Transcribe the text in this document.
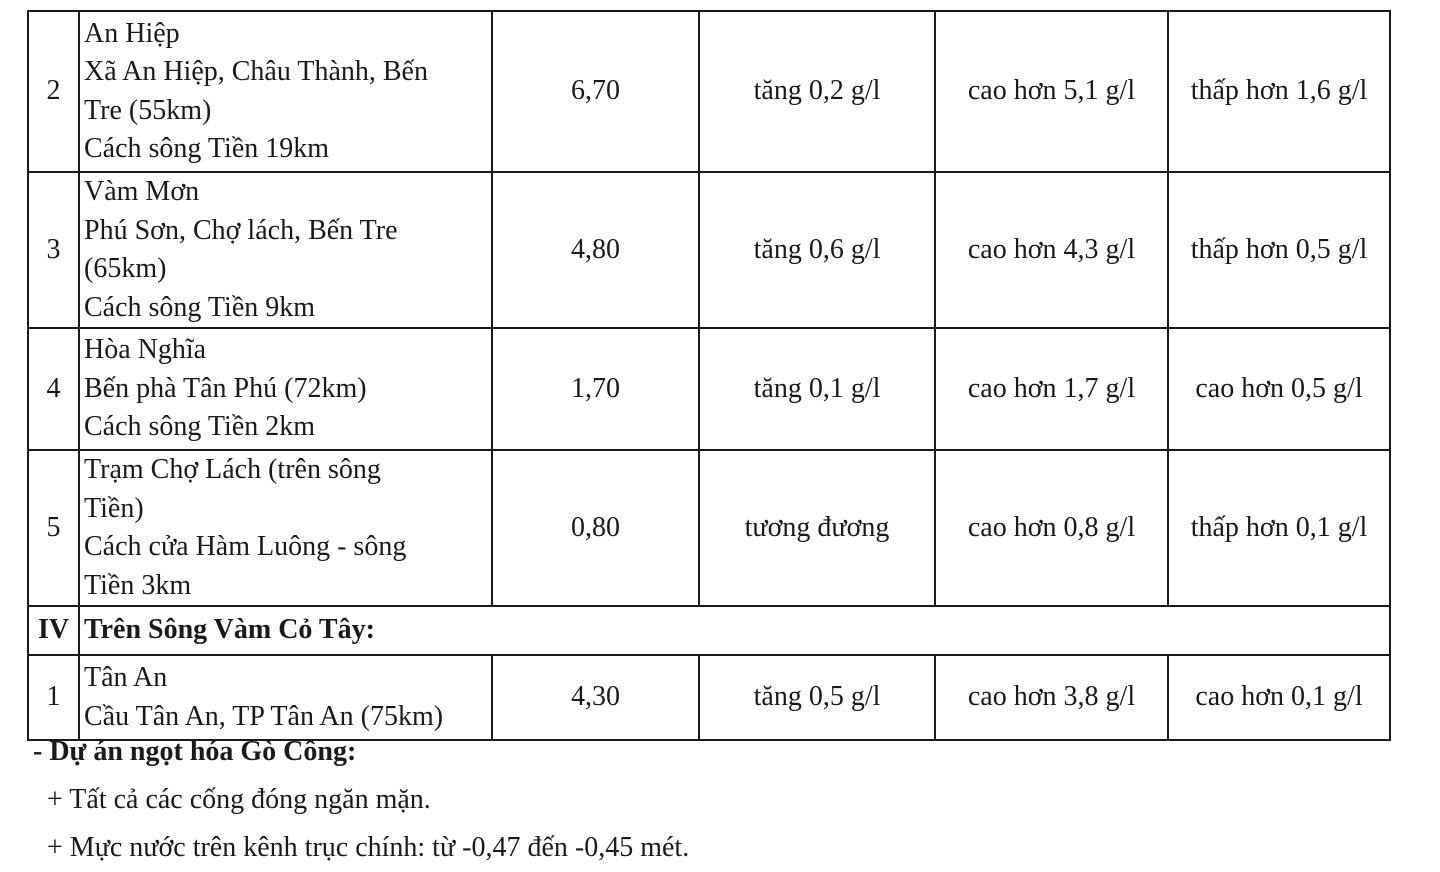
2	An Hiệp
Xã An Hiệp, Châu Thành, Bến
Tre (55km)
Cách sông Tiền 19km	6,70	tăng 0,2 g/l	cao hơn 5,1 g/l	thấp hơn 1,6 g/l
3	Vàm Mơn
Phú Sơn, Chợ lách, Bến Tre
(65km)
Cách sông Tiền 9km	4,80	tăng 0,6 g/l	cao hơn 4,3 g/l	thấp hơn 0,5 g/l
4	Hòa Nghĩa
Bến phà Tân Phú (72km)
Cách sông Tiền 2km	1,70	tăng 0,1 g/l	cao hơn 1,7 g/l	cao hơn 0,5 g/l
5	Trạm Chợ Lách (trên sông
Tiền)
Cách cửa Hàm Luông - sông
Tiền 3km	0,80	tương đương	cao hơn 0,8 g/l	thấp hơn 0,1 g/l
IV	Trên Sông Vàm Cỏ Tây:				
1	Tân An
Cầu Tân An, TP Tân An (75km)	4,30	tăng 0,5 g/l	cao hơn 3,8 g/l	cao hơn 0,1 g/l
- Dự án ngọt hóa Gò Công:
+ Tất cả các cống đóng ngăn mặn.
+ Mực nước trên kênh trục chính: từ -0,47 đến -0,45 mét.
